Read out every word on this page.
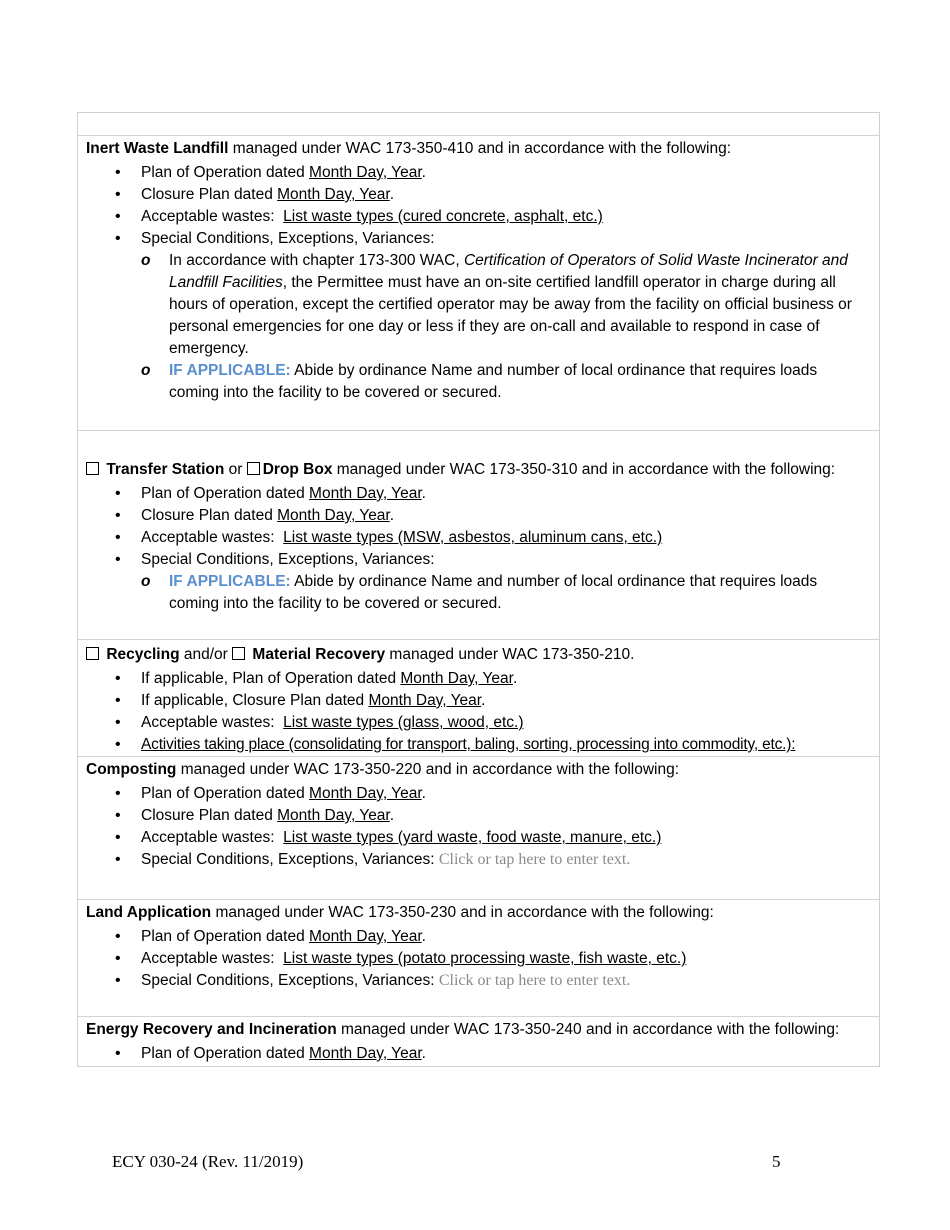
Inert Waste Landfill managed under WAC 173-350-410 and in accordance with the following:
• Plan of Operation dated Month Day, Year.
• Closure Plan dated Month Day, Year.
• Acceptable wastes:  List waste types (cured concrete, asphalt, etc.)
• Special Conditions, Exceptions, Variances:
o In accordance with chapter 173-300 WAC, Certification of Operators of Solid Waste Incinerator and Landfill Facilities, the Permittee must have an on-site certified landfill operator in charge during all hours of operation, except the certified operator may be away from the facility on official business or personal emergencies for one day or less if they are on-call and available to respond in case of emergency.
o IF APPLICABLE: Abide by ordinance Name and number of local ordinance that requires loads coming into the facility to be covered or secured.
Transfer Station or Drop Box managed under WAC 173-350-310 and in accordance with the following:
• Plan of Operation dated Month Day, Year.
• Closure Plan dated Month Day, Year.
• Acceptable wastes:  List waste types (MSW, asbestos, aluminum cans, etc.)
• Special Conditions, Exceptions, Variances:
o IF APPLICABLE: Abide by ordinance Name and number of local ordinance that requires loads coming into the facility to be covered or secured.
Recycling and/or  Material Recovery managed under WAC 173-350-210.
• If applicable, Plan of Operation dated Month Day, Year.
• If applicable, Closure Plan dated Month Day, Year.
• Acceptable wastes:  List waste types (glass, wood, etc.)
• Activities taking place (consolidating for transport, baling, sorting, processing into commodity, etc.):
Composting managed under WAC 173-350-220 and in accordance with the following:
• Plan of Operation dated Month Day, Year.
• Closure Plan dated Month Day, Year.
• Acceptable wastes:  List waste types (yard waste, food waste, manure, etc.)
• Special Conditions, Exceptions, Variances: Click or tap here to enter text.
Land Application managed under WAC 173-350-230 and in accordance with the following:
• Plan of Operation dated Month Day, Year.
• Acceptable wastes:  List waste types (potato processing waste, fish waste, etc.)
• Special Conditions, Exceptions, Variances: Click or tap here to enter text.
Energy Recovery and Incineration managed under WAC 173-350-240 and in accordance with the following:
• Plan of Operation dated Month Day, Year.
ECY 030-24 (Rev. 11/2019)	5
